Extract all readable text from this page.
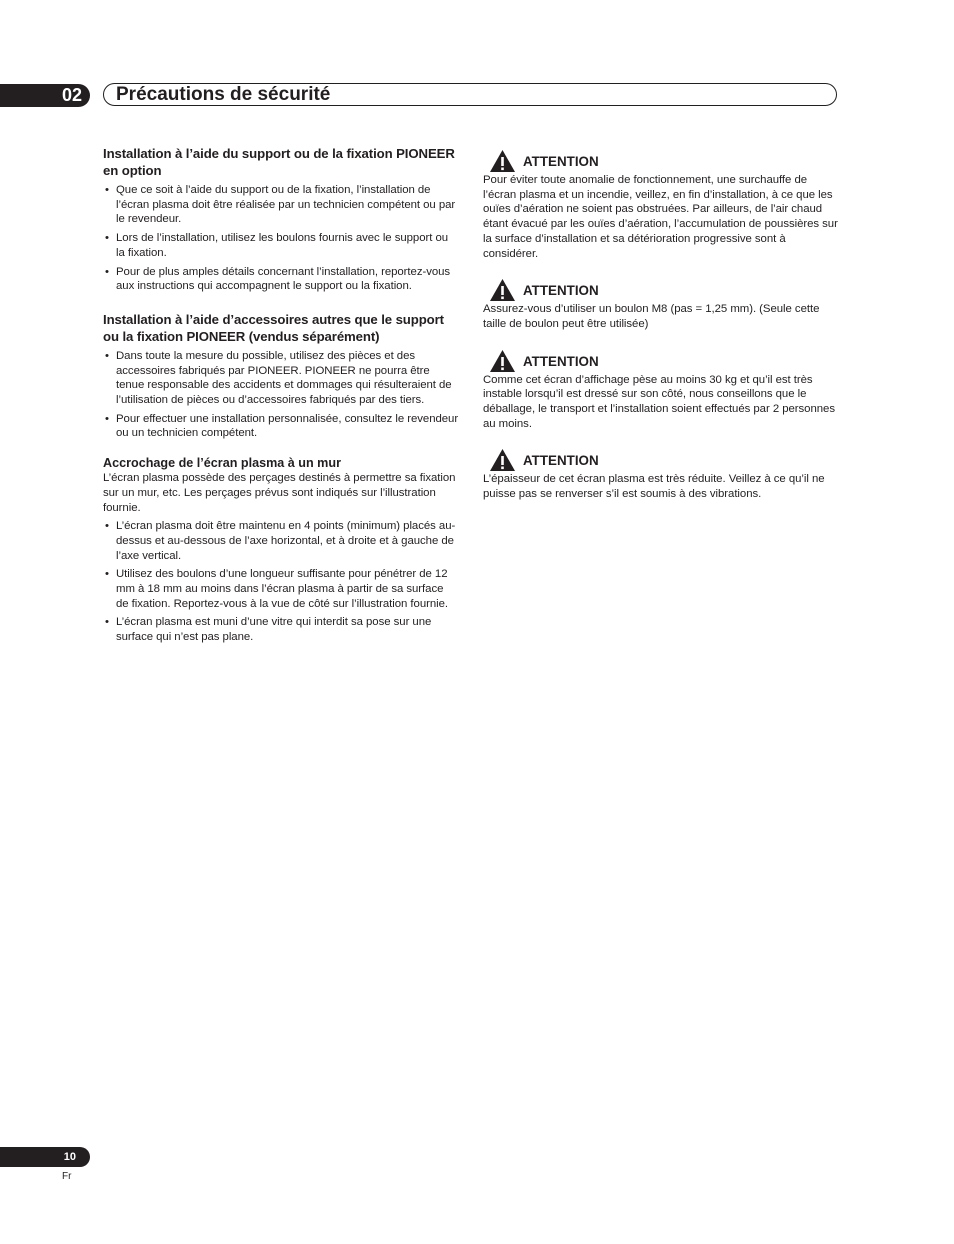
02	Précautions de sécurité
Installation à l’aide du support ou de la fixation PIONEER en option
• Que ce soit à l’aide du support ou de la fixation, l’installation de l’écran plasma doit être réalisée par un technicien compétent ou par le revendeur.
• Lors de l’installation, utilisez les boulons fournis avec le support ou la fixation.
• Pour de plus amples détails concernant l’installation, reportez-vous aux instructions qui accompagnent le support ou la fixation.
Installation à l’aide d’accessoires autres que le support ou la fixation PIONEER (vendus séparément)
• Dans toute la mesure du possible, utilisez des pièces et des accessoires fabriqués par PIONEER. PIONEER ne pourra être tenue responsable des accidents et dommages qui résulteraient de l’utilisation de pièces ou d’accessoires fabriqués par des tiers.
• Pour effectuer une installation personnalisée, consultez le revendeur ou un technicien compétent.
Accrochage de l’écran plasma à un mur

L’écran plasma possède des perçages destinés à permettre sa fixation sur un mur, etc. Les perçages prévus sont indiqués sur l’illustration fournie.

• L’écran plasma doit être maintenu en 4 points (minimum) placés au-dessus et au-dessous de l’axe horizontal, et à droite et à gauche de l’axe vertical.
• Utilisez des boulons d’une longueur suffisante pour pénétrer de 12 mm à 18 mm au moins dans l’écran plasma à partir de sa surface de fixation. Reportez-vous à la vue de côté sur l’illustration fournie.
• L’écran plasma est muni d’une vitre qui interdit sa pose sur une surface qui n’est pas plane.
ATTENTION

Pour éviter toute anomalie de fonctionnement, une surchauffe de l’écran plasma et un incendie, veillez, en fin d’installation, à ce que les ouïes d’aération ne soient pas obstruées. Par ailleurs, de l’air chaud étant évacué par les ouïes d’aération, l’accumulation de poussières sur la surface d’installation et sa détérioration progressive sont à considérer.

ATTENTION

Assurez-vous d’utiliser un boulon M8 (pas = 1,25 mm). (Seule cette taille de boulon peut être utilisée)

ATTENTION

Comme cet écran d’affichage pèse au moins 30 kg et qu’il est très instable lorsqu’il est dressé sur son côté, nous conseillons que le déballage, le transport et l’installation soient effectués par 2 personnes au moins.

ATTENTION

L’épaisseur de cet écran plasma est très réduite. Veillez à ce qu’il ne puisse pas se renverser s’il est soumis à des vibrations.

10
Fr
